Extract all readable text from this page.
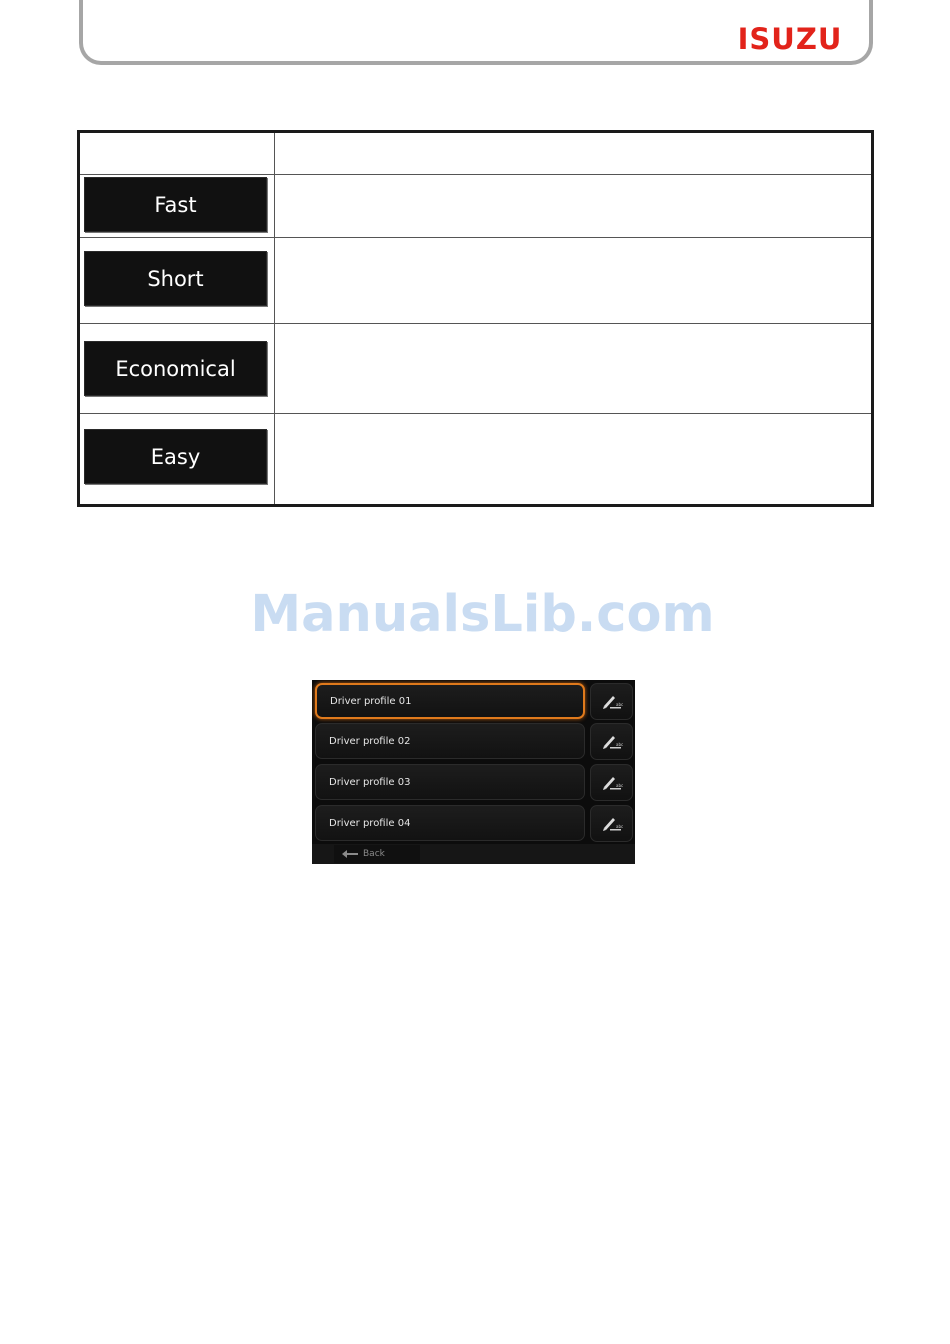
ISUZU
Fast
Short
Economical
Easy
ManualsLib.com
Driver profile 01	abc
Driver profile 02	abc
Driver profile 03	abc
Driver profile 04	abc
Back
